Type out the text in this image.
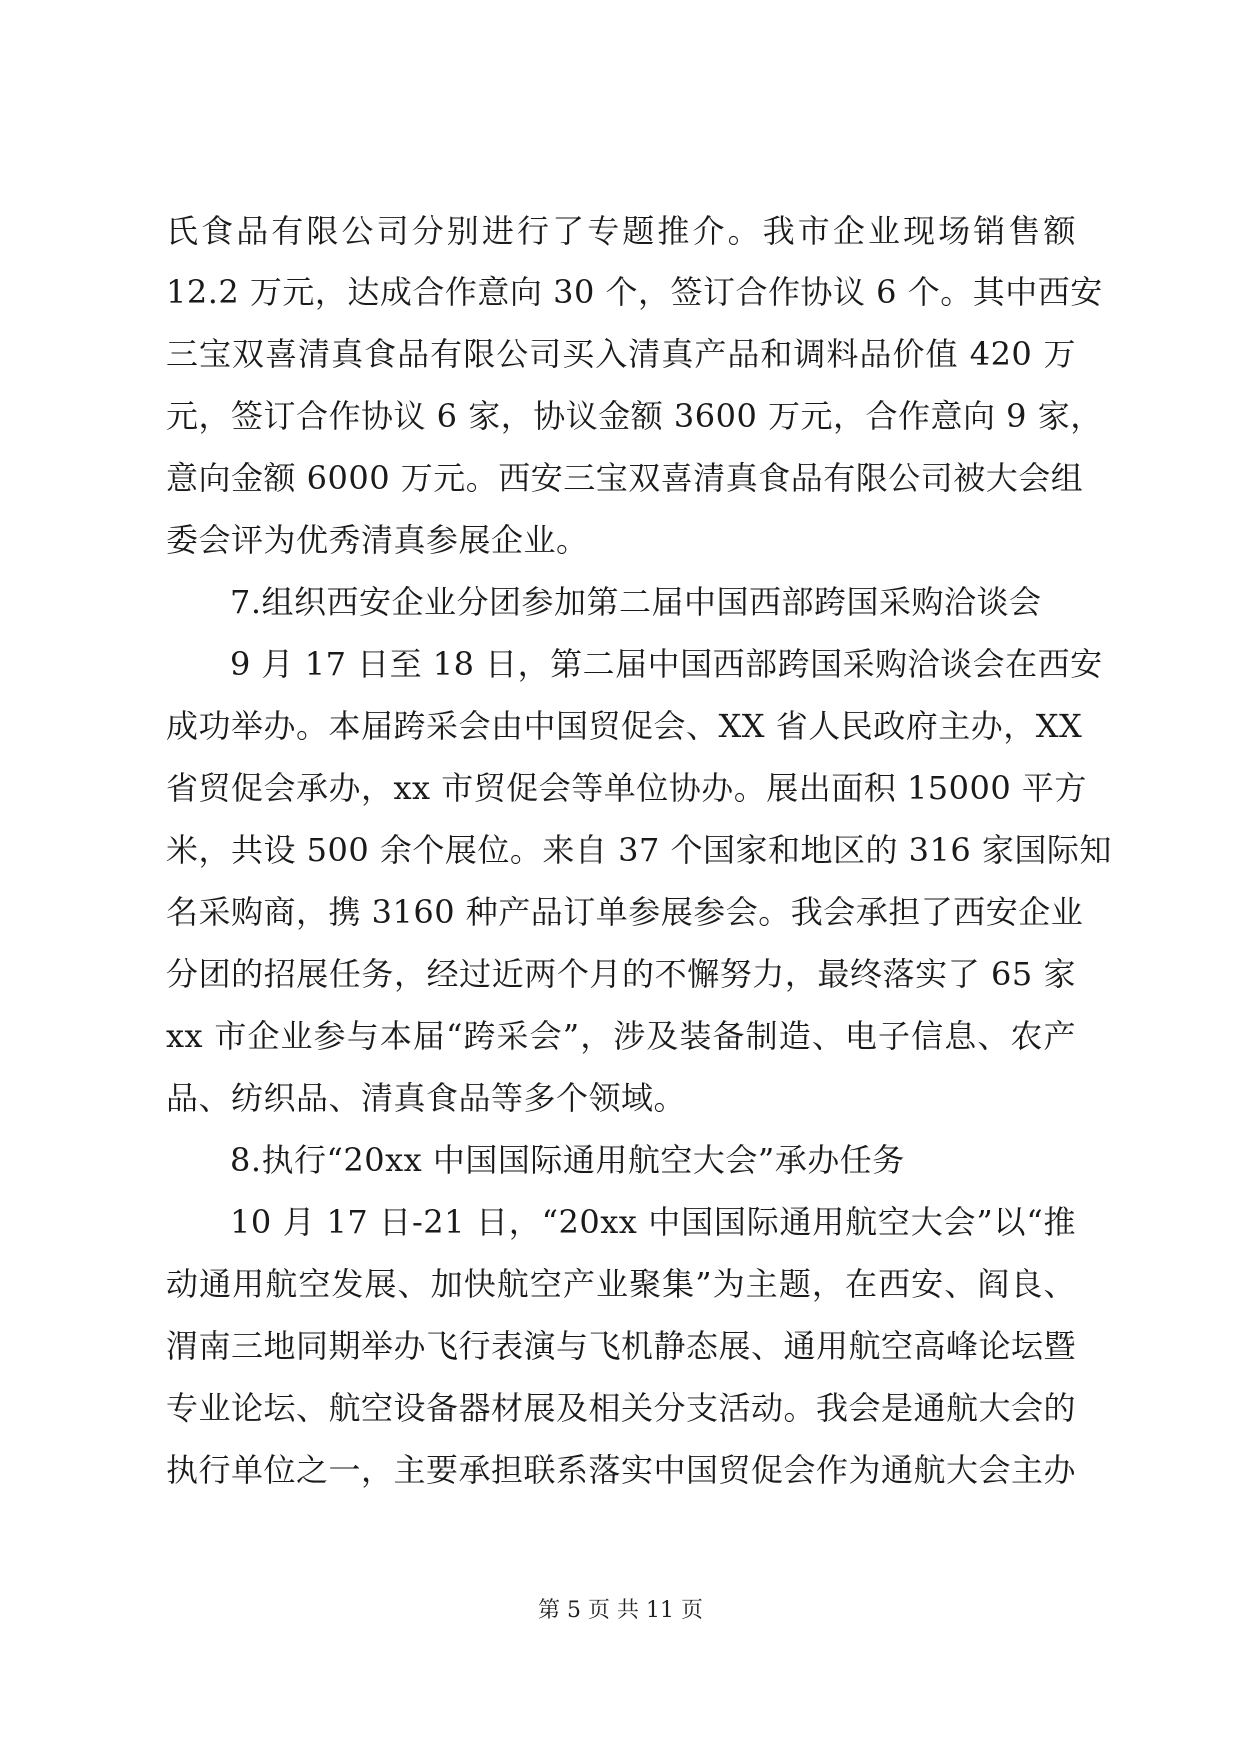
氏食品有限公司分别进行了专题推介。我市企业现场销售额
12.2 万元，达成合作意向 30 个，签订合作协议 6 个。其中西安
三宝双喜清真食品有限公司买入清真产品和调料品价值 420 万
元，签订合作协议 6 家，协议金额 3600 万元，合作意向 9 家，
意向金额 6000 万元。西安三宝双喜清真食品有限公司被大会组
委会评为优秀清真参展企业。
7.组织西安企业分团参加第二届中国西部跨国采购洽谈会
9 月 17 日至 18 日，第二届中国西部跨国采购洽谈会在西安
成功举办。本届跨采会由中国贸促会、XX 省人民政府主办，XX
省贸促会承办，xx 市贸促会等单位协办。展出面积 15000 平方
米，共设 500 余个展位。来自 37 个国家和地区的 316 家国际知
名采购商，携 3160 种产品订单参展参会。我会承担了西安企业
分团的招展任务，经过近两个月的不懈努力，最终落实了 65 家
xx 市企业参与本届“跨采会”，涉及装备制造、电子信息、农产
品、纺织品、清真食品等多个领域。
8.执行“20xx 中国国际通用航空大会”承办任务
10 月 17 日-21 日，“20xx 中国国际通用航空大会”以“推
动通用航空发展、加快航空产业聚集”为主题，在西安、阎良、
渭南三地同期举办飞行表演与飞机静态展、通用航空高峰论坛暨
专业论坛、航空设备器材展及相关分支活动。我会是通航大会的
执行单位之一，主要承担联系落实中国贸促会作为通航大会主办
第 5 页 共 11 页
